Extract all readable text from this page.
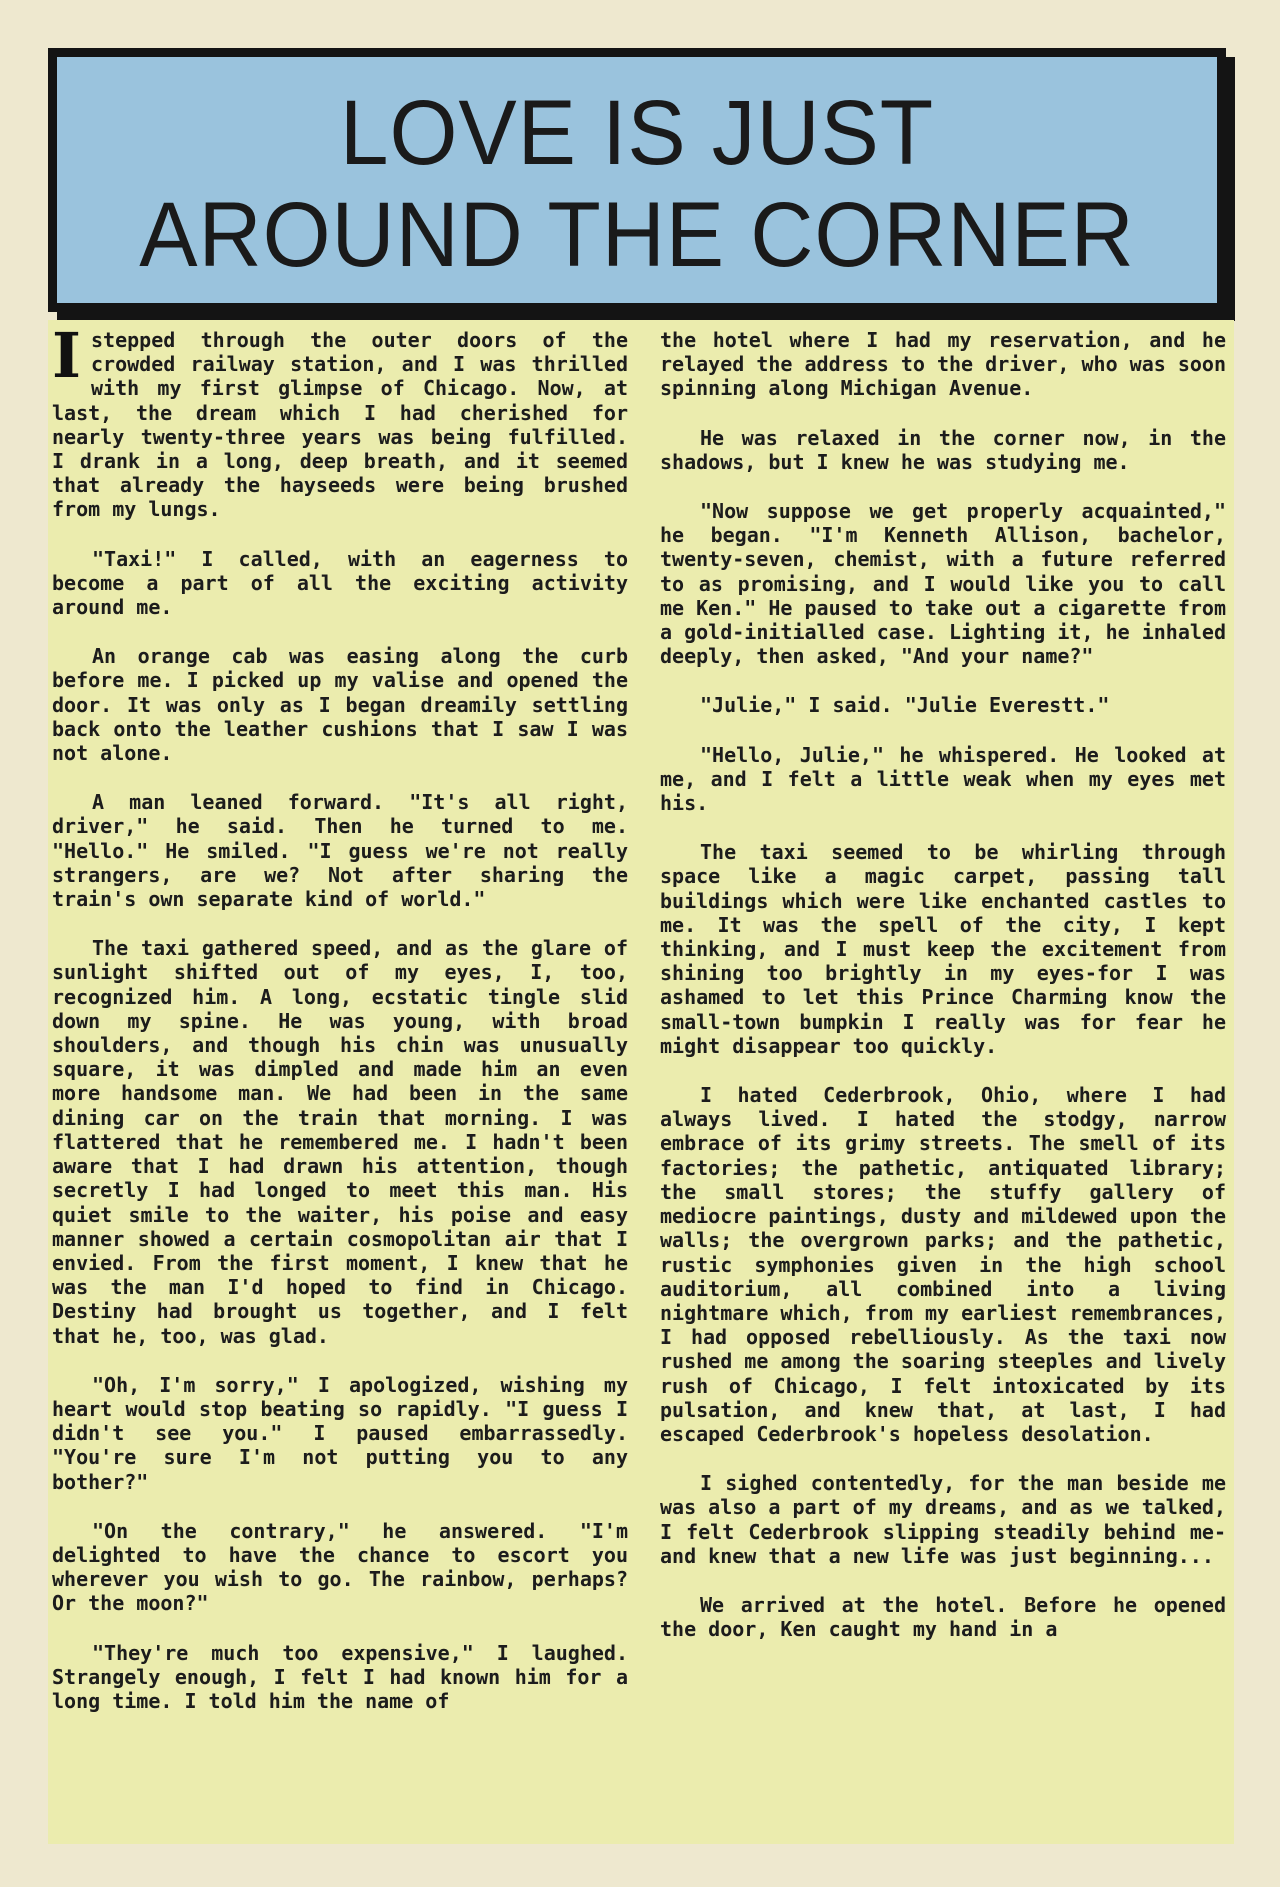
LOVE IS JUST
AROUND THE CORNER

I stepped through the outer doors of the crowded railway station, and I was thrilled with my first glimpse of Chicago. Now, at last, the dream which I had cherished for nearly twenty-three years was being fulfilled. I drank in a long, deep breath, and it seemed that already the hayseeds were being brushed from my lungs.

"Taxi!" I called, with an eagerness to become a part of all the exciting activity around me.

An orange cab was easing along the curb before me. I picked up my valise and opened the door. It was only as I began dreamily settling back onto the leather cushions that I saw I was not alone.

A man leaned forward. "It's all right, driver," he said. Then he turned to me. "Hello." He smiled. "I guess we're not really strangers, are we? Not after sharing the train's own separate kind of world."

The taxi gathered speed, and as the glare of sunlight shifted out of my eyes, I, too, recognized him. A long, ecstatic tingle slid down my spine. He was young, with broad shoulders, and though his chin was unusually square, it was dimpled and made him an even more handsome man. We had been in the same dining car on the train that morning. I was flattered that he remembered me. I hadn't been aware that I had drawn his attention, though secretly I had longed to meet this man. His quiet smile to the waiter, his poise and easy manner showed a certain cosmopolitan air that I envied. From the first moment, I knew that he was the man I'd hoped to find in Chicago. Destiny had brought us together, and I felt that he, too, was glad.

"Oh, I'm sorry," I apologized, wishing my heart would stop beating so rapidly. "I guess I didn't see you." I paused embarrassedly. "You're sure I'm not putting you to any bother?"

"On the contrary," he answered. "I'm delighted to have the chance to escort you wherever you wish to go. The rainbow, perhaps? Or the moon?"

"They're much too expensive," I laughed. Strangely enough, I felt I had known him for a long time. I told him the name of

the hotel where I had my reservation, and he relayed the address to the driver, who was soon spinning along Michigan Avenue.

He was relaxed in the corner now, in the shadows, but I knew he was studying me.

"Now suppose we get properly acquainted," he began. "I'm Kenneth Allison, bachelor, twenty-seven, chemist, with a future referred to as promising, and I would like you to call me Ken." He paused to take out a cigarette from a gold-initialled case. Lighting it, he inhaled deeply, then asked, "And your name?"

"Julie," I said. "Julie Everestt."

"Hello, Julie," he whispered. He looked at me, and I felt a little weak when my eyes met his.

The taxi seemed to be whirling through space like a magic carpet, passing tall buildings which were like enchanted castles to me. It was the spell of the city, I kept thinking, and I must keep the excitement from shining too brightly in my eyes-for I was ashamed to let this Prince Charming know the small-town bumpkin I really was for fear he might disappear too quickly.

I hated Cederbrook, Ohio, where I had always lived. I hated the stodgy, narrow embrace of its grimy streets. The smell of its factories; the pathetic, antiquated library; the small stores; the stuffy gallery of mediocre paintings, dusty and mildewed upon the walls; the overgrown parks; and the pathetic, rustic symphonies given in the high school auditorium, all combined into a living nightmare which, from my earliest remembrances, I had opposed rebelliously. As the taxi now rushed me among the soaring steeples and lively rush of Chicago, I felt intoxicated by its pulsation, and knew that, at last, I had escaped Cederbrook's hopeless desolation.

I sighed contentedly, for the man beside me was also a part of my dreams, and as we talked, I felt Cederbrook slipping steadily behind me-and knew that a new life was just beginning...

We arrived at the hotel. Before he opened the door, Ken caught my hand in a
